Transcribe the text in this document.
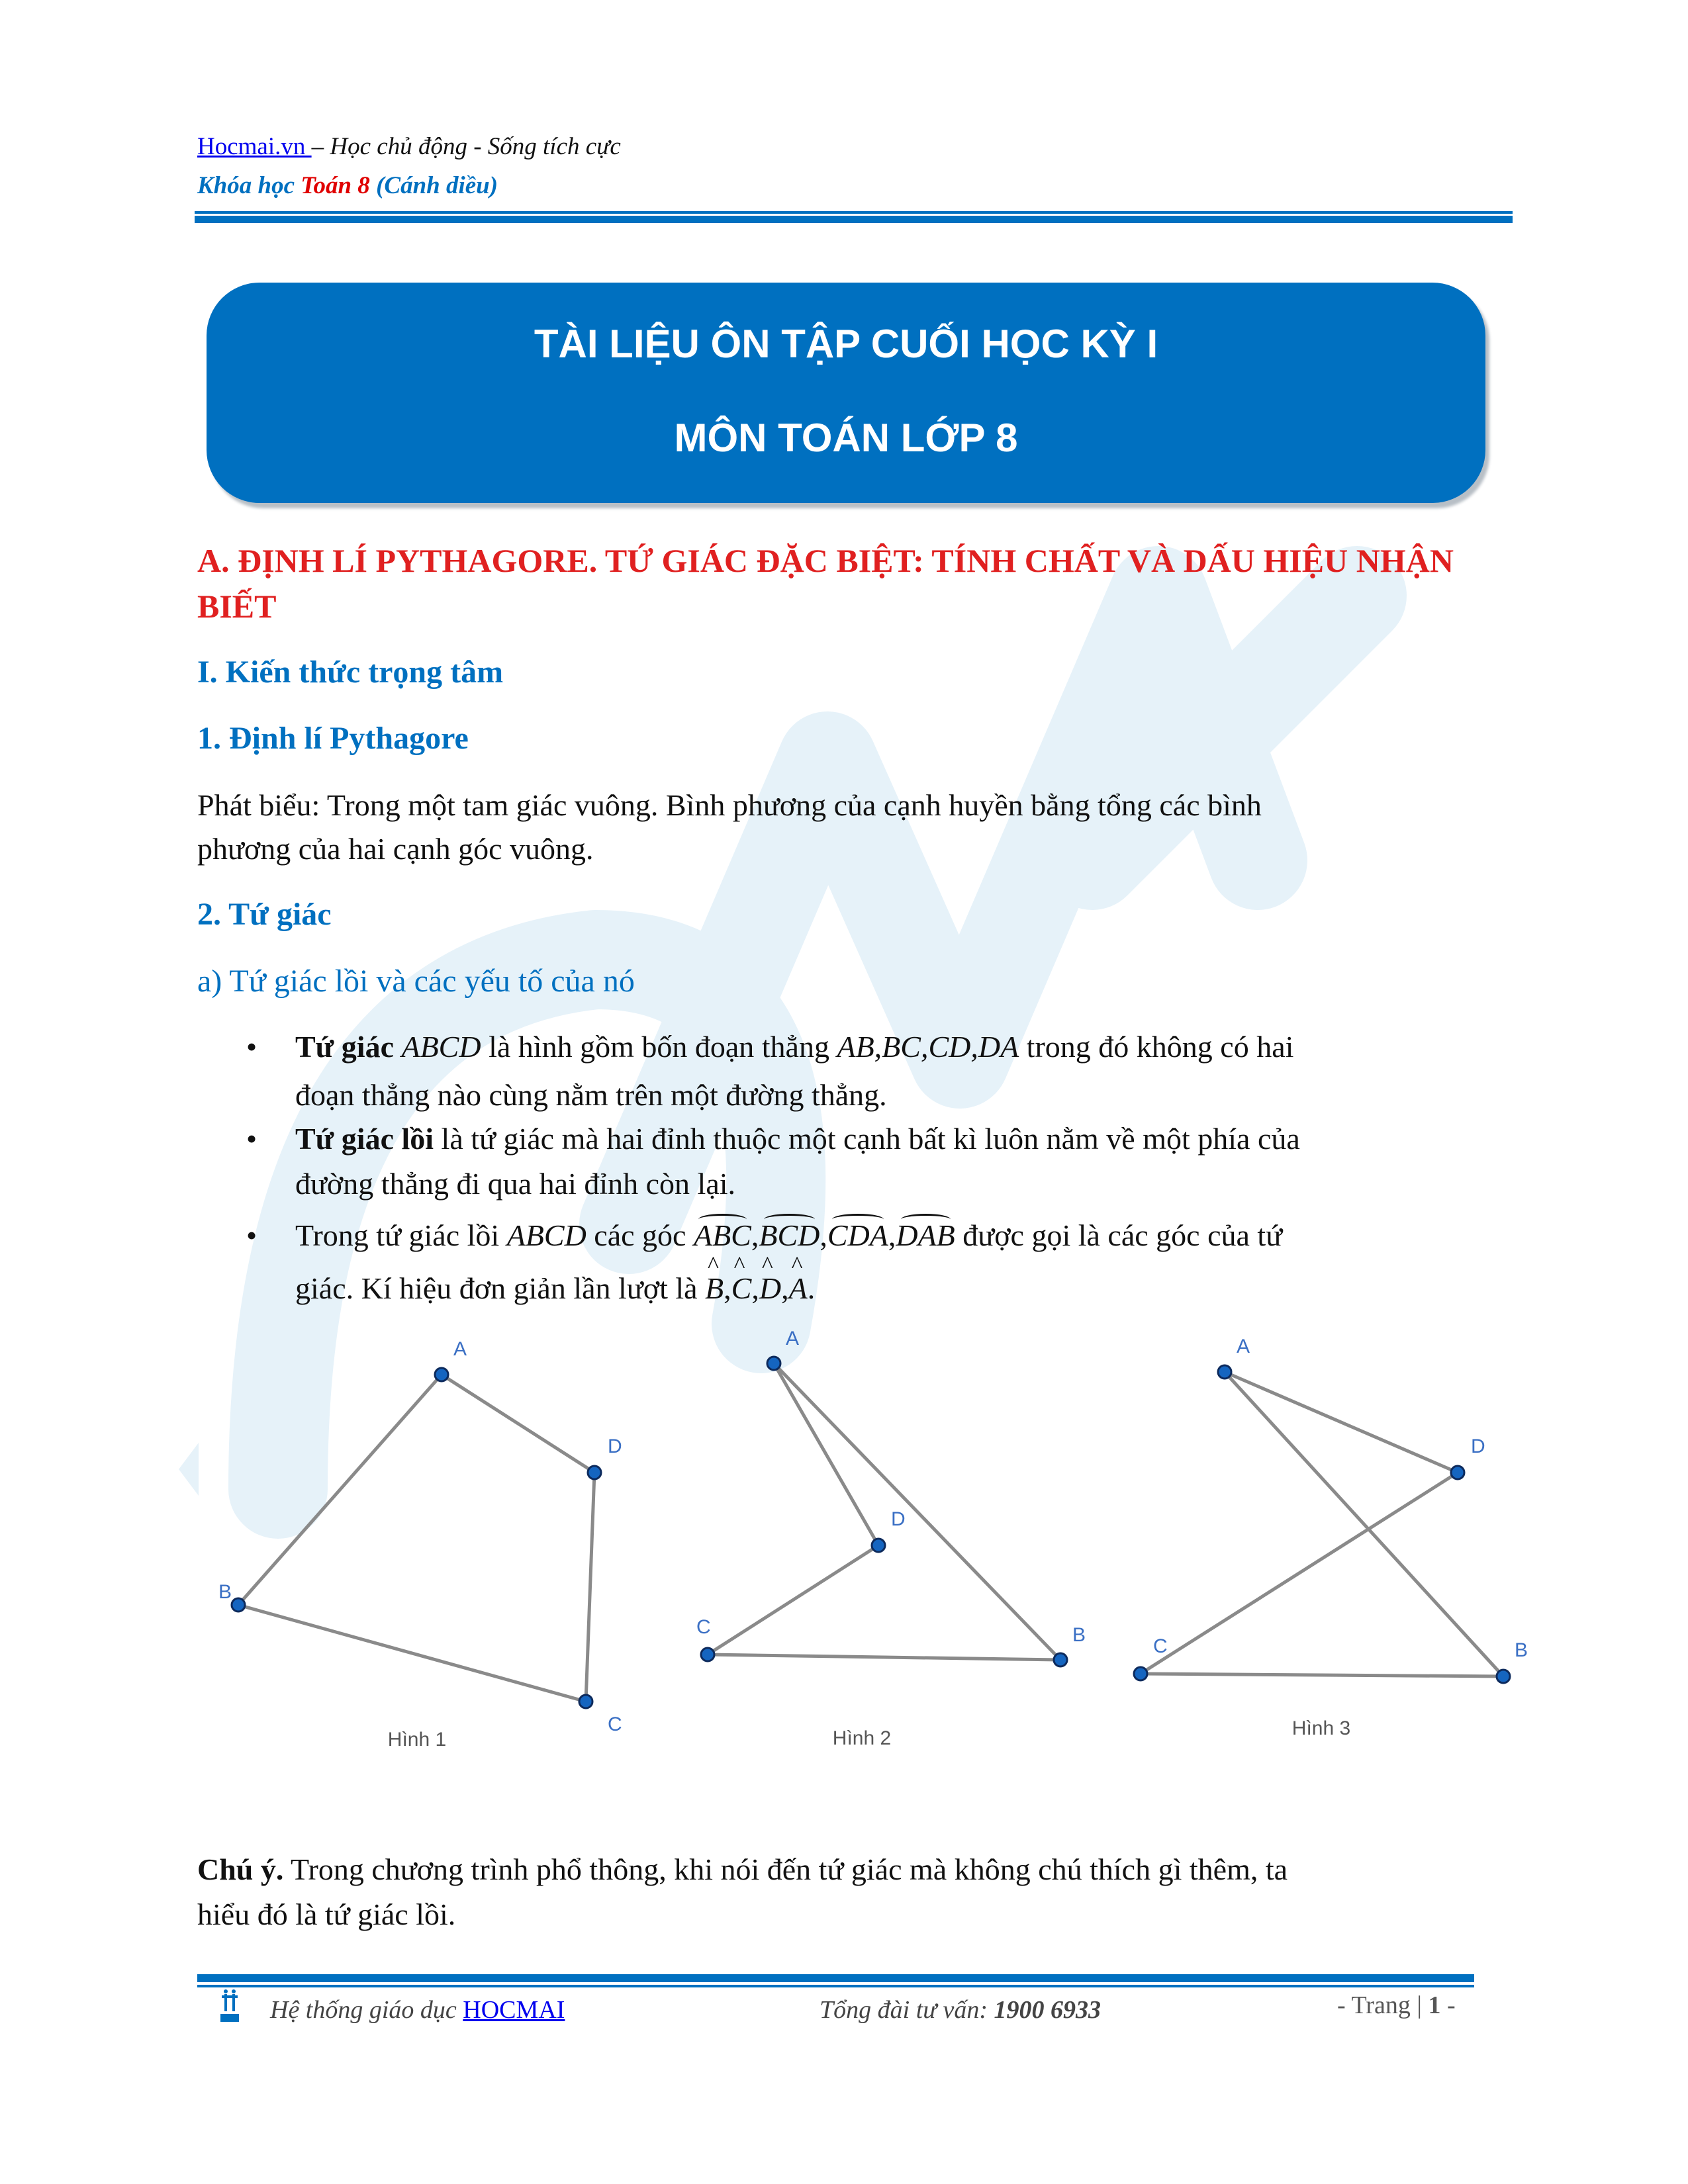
Hocmai.vn – Học chủ động - Sống tích cực
Khóa học Toán 8 (Cánh diều)
TÀI LIỆU ÔN TẬP CUỐI HỌC KỲ I
MÔN TOÁN LỚP 8
A. ĐỊNH LÍ PYTHAGORE. TỨ GIÁC ĐẶC BIỆT: TÍNH CHẤT VÀ DẤU HIỆU NHẬN
BIẾT
I. Kiến thức trọng tâm
1. Định lí Pythagore
Phát biểu: Trong một tam giác vuông. Bình phương của cạnh huyền bằng tổng các bình
phương của hai cạnh góc vuông.
2. Tứ giác
a) Tứ giác lồi và các yếu tố của nó
• Tứ giác ABCD là hình gồm bốn đoạn thẳng AB,BC,CD,DA trong đó không có hai
đoạn thẳng nào cùng nằm trên một đường thẳng.
• Tứ giác lồi là tứ giác mà hai đỉnh thuộc một cạnh bất kì luôn nằm về một phía của
đường thẳng đi qua hai đỉnh còn lại.
• Trong tứ giác lồi ABCD các góc ABC,BCD,CDA,DAB được gọi là các góc của tứ
giác. Kí hiệu đơn giản lần lượt là ^ B,^ C,^ D,^ A.
A
B
C
D
Hình 1
A
B
C
D
Hình 2
A
B
C
D
Hình 3
Chú ý. Trong chương trình phổ thông, khi nói đến tứ giác mà không chú thích gì thêm, ta
hiểu đó là tứ giác lồi.
Hệ thống giáo dục HOCMAI	Tổng đài tư vấn: 1900 6933	- Trang | 1 -
